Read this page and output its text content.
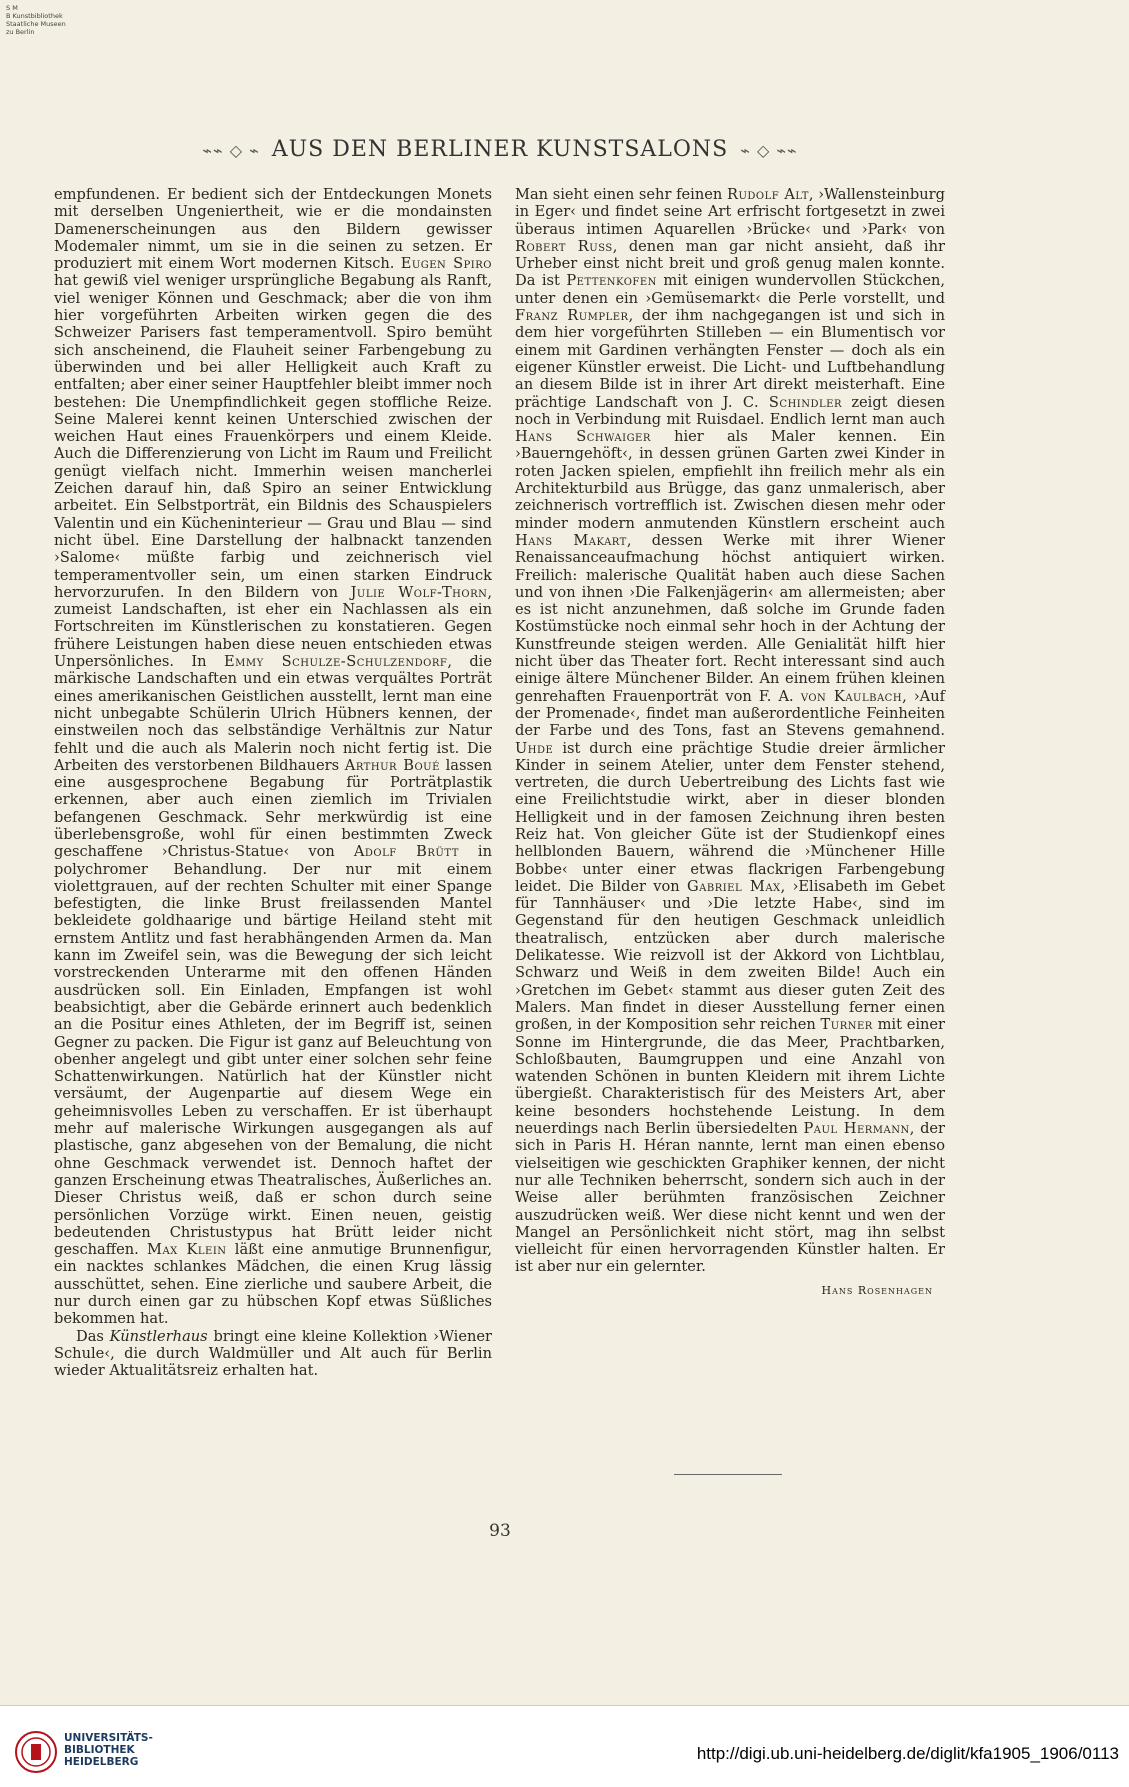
S M
B Kunstbibliothek
Staatliche Museen
zu Berlin
⌁⌁ ◇ ⌁ AUS DEN BERLINER KUNSTSALONS ⌁ ◇ ⌁⌁

empfundenen. Er bedient sich der Entdeckungen Monets mit derselben Ungeniertheit, wie er die mondainsten Damenerscheinungen aus den Bildern gewisser Modemaler nimmt, um sie in die seinen zu setzen. Er produziert mit einem Wort modernen Kitsch. Eugen Spiro hat gewiß viel weniger ursprüngliche Begabung als Ranft, viel weniger Können und Geschmack; aber die von ihm hier vorgeführten Arbeiten wirken gegen die des Schweizer Parisers fast temperamentvoll. Spiro bemüht sich anscheinend, die Flauheit seiner Farbengebung zu überwinden und bei aller Helligkeit auch Kraft zu entfalten; aber einer seiner Hauptfehler bleibt immer noch bestehen: Die Unempfindlichkeit gegen stoffliche Reize. Seine Malerei kennt keinen Unterschied zwischen der weichen Haut eines Frauenkörpers und einem Kleide. Auch die Differenzierung von Licht im Raum und Freilicht genügt vielfach nicht. Immerhin weisen mancherlei Zeichen darauf hin, daß Spiro an seiner Entwicklung arbeitet. Ein Selbstporträt, ein Bildnis des Schauspielers Valentin und ein Kücheninterieur — Grau und Blau — sind nicht übel. Eine Darstellung der halbnackt tanzenden ›Salome‹ müßte farbig und zeichnerisch viel temperamentvoller sein, um einen starken Eindruck hervorzurufen. In den Bildern von Julie Wolf-Thorn, zumeist Landschaften, ist eher ein Nachlassen als ein Fortschreiten im Künstlerischen zu konstatieren. Gegen frühere Leistungen haben diese neuen entschieden etwas Unpersönliches. In Emmy Schulze-Schulzendorf, die märkische Landschaften und ein etwas verquältes Porträt eines amerikanischen Geistlichen ausstellt, lernt man eine nicht unbegabte Schülerin Ulrich Hübners kennen, der einstweilen noch das selbständige Verhältnis zur Natur fehlt und die auch als Malerin noch nicht fertig ist. Die Arbeiten des verstorbenen Bildhauers Arthur Boué lassen eine ausgesprochene Begabung für Porträtplastik erkennen, aber auch einen ziemlich im Trivialen befangenen Geschmack. Sehr merkwürdig ist eine überlebensgroße, wohl für einen bestimmten Zweck geschaffene ›Christus-Statue‹ von Adolf Brütt in polychromer Behandlung. Der nur mit einem violettgrauen, auf der rechten Schulter mit einer Spange befestigten, die linke Brust freilassenden Mantel bekleidete goldhaarige und bärtige Heiland steht mit ernstem Antlitz und fast herabhängenden Armen da. Man kann im Zweifel sein, was die Bewegung der sich leicht vorstreckenden Unterarme mit den offenen Händen ausdrücken soll. Ein Einladen, Empfangen ist wohl beabsichtigt, aber die Gebärde erinnert auch bedenklich an die Positur eines Athleten, der im Begriff ist, seinen Gegner zu packen. Die Figur ist ganz auf Beleuchtung von obenher angelegt und gibt unter einer solchen sehr feine Schattenwirkungen. Natürlich hat der Künstler nicht versäumt, der Augenpartie auf diesem Wege ein geheimnisvolles Leben zu verschaffen. Er ist überhaupt mehr auf malerische Wirkungen ausgegangen als auf plastische, ganz abgesehen von der Bemalung, die nicht ohne Geschmack verwendet ist. Dennoch haftet der ganzen Erscheinung etwas Theatralisches, Äußerliches an. Dieser Christus weiß, daß er schon durch seine persönlichen Vorzüge wirkt. Einen neuen, geistig bedeutenden Christustypus hat Brütt leider nicht geschaffen. Max Klein läßt eine anmutige Brunnenfigur, ein nacktes schlankes Mädchen, die einen Krug lässig ausschüttet, sehen. Eine zierliche und saubere Arbeit, die nur durch einen gar zu hübschen Kopf etwas Süßliches bekommen hat.

Das Künstlerhaus bringt eine kleine Kollektion ›Wiener Schule‹, die durch Waldmüller und Alt auch für Berlin wieder Aktualitätsreiz erhalten hat.

Man sieht einen sehr feinen Rudolf Alt, ›Wallensteinburg in Eger‹ und findet seine Art erfrischt fortgesetzt in zwei überaus intimen Aquarellen ›Brücke‹ und ›Park‹ von Robert Russ, denen man gar nicht ansieht, daß ihr Urheber einst nicht breit und groß genug malen konnte. Da ist Pettenkofen mit einigen wundervollen Stückchen, unter denen ein ›Gemüsemarkt‹ die Perle vorstellt, und Franz Rumpler, der ihm nachgegangen ist und sich in dem hier vorgeführten Stilleben — ein Blumentisch vor einem mit Gardinen verhängten Fenster — doch als ein eigener Künstler erweist. Die Licht- und Luftbehandlung an diesem Bilde ist in ihrer Art direkt meisterhaft. Eine prächtige Landschaft von J. C. Schindler zeigt diesen noch in Verbindung mit Ruisdael. Endlich lernt man auch Hans Schwaiger hier als Maler kennen. Ein ›Bauerngehöft‹, in dessen grünen Garten zwei Kinder in roten Jacken spielen, empfiehlt ihn freilich mehr als ein Architekturbild aus Brügge, das ganz unmalerisch, aber zeichnerisch vortrefflich ist. Zwischen diesen mehr oder minder modern anmutenden Künstlern erscheint auch Hans Makart, dessen Werke mit ihrer Wiener Renaissanceaufmachung höchst antiquiert wirken. Freilich: malerische Qualität haben auch diese Sachen und von ihnen ›Die Falkenjägerin‹ am allermeisten; aber es ist nicht anzunehmen, daß solche im Grunde faden Kostümstücke noch einmal sehr hoch in der Achtung der Kunstfreunde steigen werden. Alle Genialität hilft hier nicht über das Theater fort. Recht interessant sind auch einige ältere Münchener Bilder. An einem frühen kleinen genrehaften Frauenporträt von F. A. von Kaulbach, ›Auf der Promenade‹, findet man außerordentliche Feinheiten der Farbe und des Tons, fast an Stevens gemahnend. Uhde ist durch eine prächtige Studie dreier ärmlicher Kinder in seinem Atelier, unter dem Fenster stehend, vertreten, die durch Uebertreibung des Lichts fast wie eine Freilichtstudie wirkt, aber in dieser blonden Helligkeit und in der famosen Zeichnung ihren besten Reiz hat. Von gleicher Güte ist der Studienkopf eines hellblonden Bauern, während die ›Münchener Hille Bobbe‹ unter einer etwas flackrigen Farbengebung leidet. Die Bilder von Gabriel Max, ›Elisabeth im Gebet für Tannhäuser‹ und ›Die letzte Habe‹, sind im Gegenstand für den heutigen Geschmack unleidlich theatralisch, entzücken aber durch malerische Delikatesse. Wie reizvoll ist der Akkord von Lichtblau, Schwarz und Weiß in dem zweiten Bilde! Auch ein ›Gretchen im Gebet‹ stammt aus dieser guten Zeit des Malers. Man findet in dieser Ausstellung ferner einen großen, in der Komposition sehr reichen Turner mit einer Sonne im Hintergrunde, die das Meer, Prachtbarken, Schloßbauten, Baumgruppen und eine Anzahl von watenden Schönen in bunten Kleidern mit ihrem Lichte übergießt. Charakteristisch für des Meisters Art, aber keine besonders hochstehende Leistung. In dem neuerdings nach Berlin übersiedelten Paul Hermann, der sich in Paris H. Héran nannte, lernt man einen ebenso vielseitigen wie geschickten Graphiker kennen, der nicht nur alle Techniken beherrscht, sondern sich auch in der Weise aller berühmten französischen Zeichner auszudrücken weiß. Wer diese nicht kennt und wen der Mangel an Persönlichkeit nicht stört, mag ihn selbst vielleicht für einen hervorragenden Künstler halten. Er ist aber nur ein gelernter.

Hans Rosenhagen
93
UNIVERSITÄTS-
BIBLIOTHEK
HEIDELBERG	http://digi.ub.uni-heidelberg.de/diglit/kfa1905_1906/0113
